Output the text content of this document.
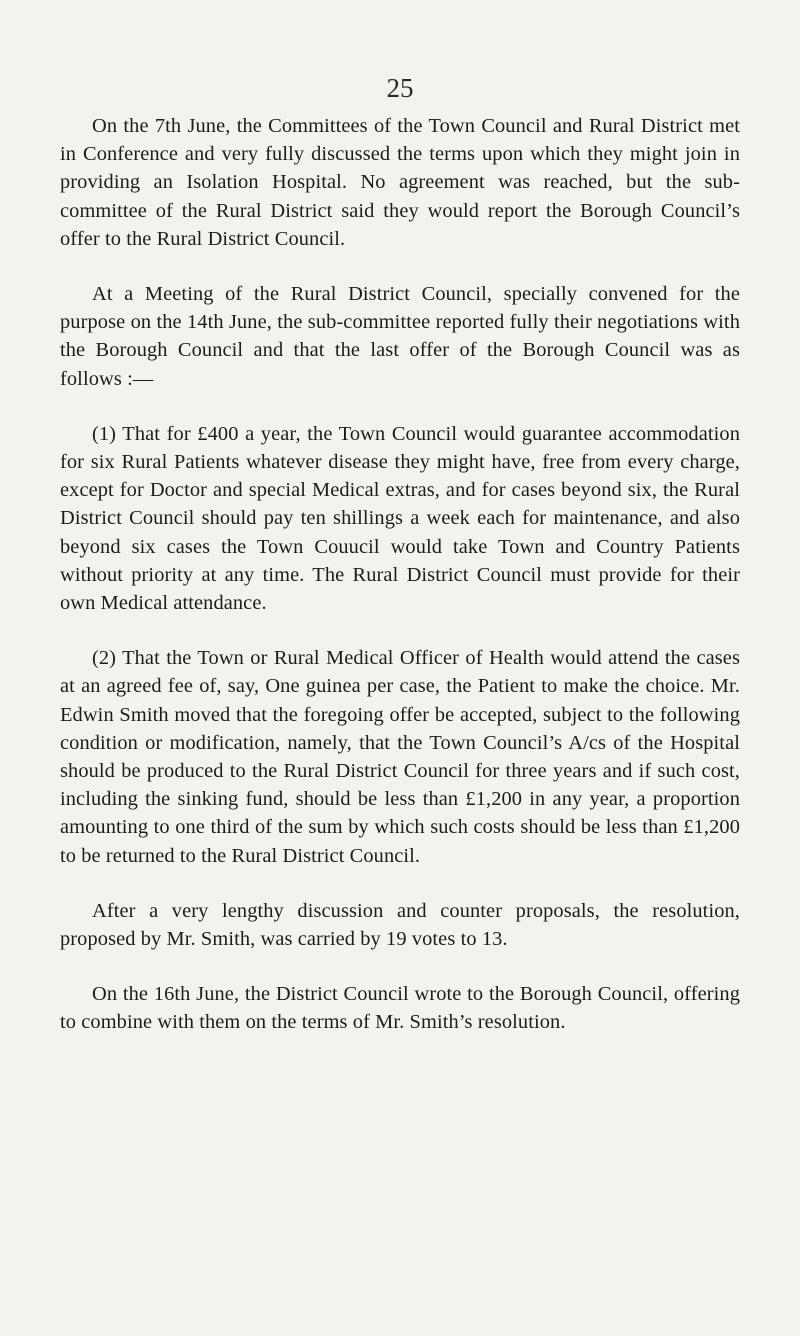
25

On the 7th June, the Committees of the Town Council and Rural District met in Conference and very fully discussed the terms upon which they might join in providing an Isolation Hospital. No agreement was reached, but the sub-committee of the Rural District said they would report the Borough Council’s offer to the Rural District Council.

At a Meeting of the Rural District Council, specially convened for the purpose on the 14th June, the sub-committee reported fully their negotiations with the Borough Council and that the last offer of the Borough Council was as follows :—

(1) That for £400 a year, the Town Council would guarantee accommodation for six Rural Patients whatever disease they might have, free from every charge, except for Doctor and special Medical extras, and for cases beyond six, the Rural District Council should pay ten shillings a week each for maintenance, and also beyond six cases the Town Couucil would take Town and Country Patients without priority at any time. The Rural District Council must provide for their own Medical attendance.

(2) That the Town or Rural Medical Officer of Health would attend the cases at an agreed fee of, say, One guinea per case, the Patient to make the choice. Mr. Edwin Smith moved that the foregoing offer be accepted, subject to the following condition or modification, namely, that the Town Council’s A/cs of the Hospital should be produced to the Rural District Council for three years and if such cost, including the sinking fund, should be less than £1,200 in any year, a proportion amounting to one third of the sum by which such costs should be less than £1,200 to be returned to the Rural District Council.

After a very lengthy discussion and counter proposals, the resolution, proposed by Mr. Smith, was carried by 19 votes to 13.

On the 16th June, the District Council wrote to the Borough Council, offering to combine with them on the terms of Mr. Smith’s resolution.
